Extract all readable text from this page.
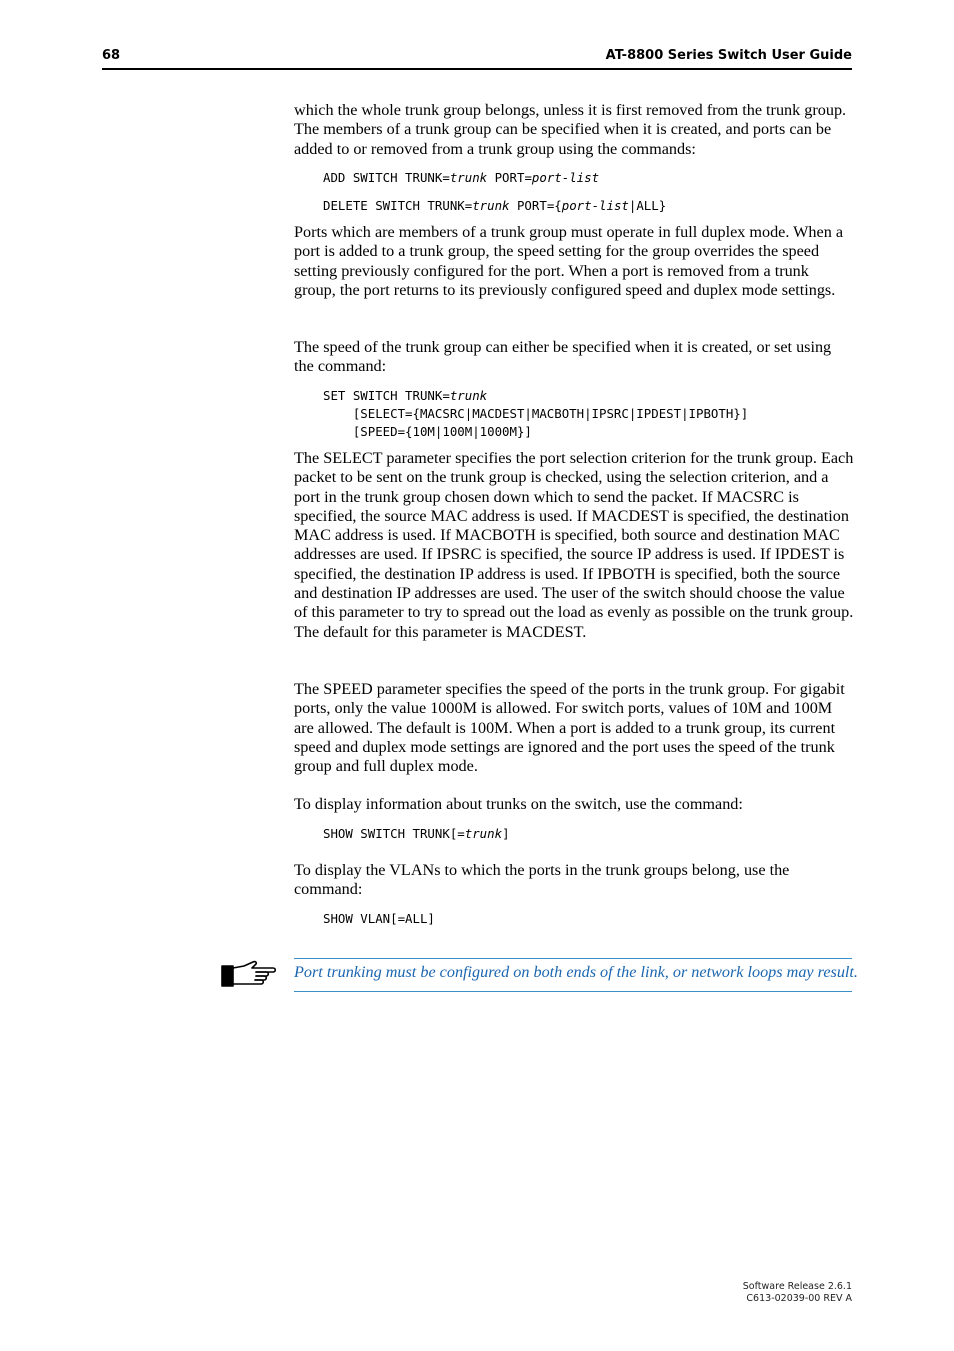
68	AT-8800 Series Switch User Guide

which the whole trunk group belongs, unless it is first removed from the trunk group. The members of a trunk group can be specified when it is created, and ports can be added to or removed from a trunk group using the commands:

ADD SWITCH TRUNK=trunk PORT=port-list
DELETE SWITCH TRUNK=trunk PORT={port-list|ALL}

Ports which are members of a trunk group must operate in full duplex mode. When a port is added to a trunk group, the speed setting for the group overrides the speed setting previously configured for the port. When a port is removed from a trunk group, the port returns to its previously configured speed and duplex mode settings.

The speed of the trunk group can either be specified when it is created, or set using the command:

SET SWITCH TRUNK=trunk
[SELECT={MACSRC|MACDEST|MACBOTH|IPSRC|IPDEST|IPBOTH}]
[SPEED={10M|100M|1000M}]

The SELECT parameter specifies the port selection criterion for the trunk group. Each packet to be sent on the trunk group is checked, using the selection criterion, and a port in the trunk group chosen down which to send the packet. If MACSRC is specified, the source MAC address is used. If MACDEST is specified, the destination MAC address is used. If MACBOTH is specified, both source and destination MAC addresses are used. If IPSRC is specified, the source IP address is used. If IPDEST is specified, the destination IP address is used. If IPBOTH is specified, both the source and destination IP addresses are used. The user of the switch should choose the value of this parameter to try to spread out the load as evenly as possible on the trunk group. The default for this parameter is MACDEST.

The SPEED parameter specifies the speed of the ports in the trunk group. For gigabit ports, only the value 1000M is allowed. For switch ports, values of 10M and 100M are allowed. The default is 100M. When a port is added to a trunk group, its current speed and duplex mode settings are ignored and the port uses the speed of the trunk group and full duplex mode.

To display information about trunks on the switch, use the command:

SHOW SWITCH TRUNK[=trunk]

To display the VLANs to which the ports in the trunk groups belong, use the command:

SHOW VLAN[=ALL]
Port trunking must be configured on both ends of the link, or network loops may result.
Software Release 2.6.1
C613-02039-00 REV A
